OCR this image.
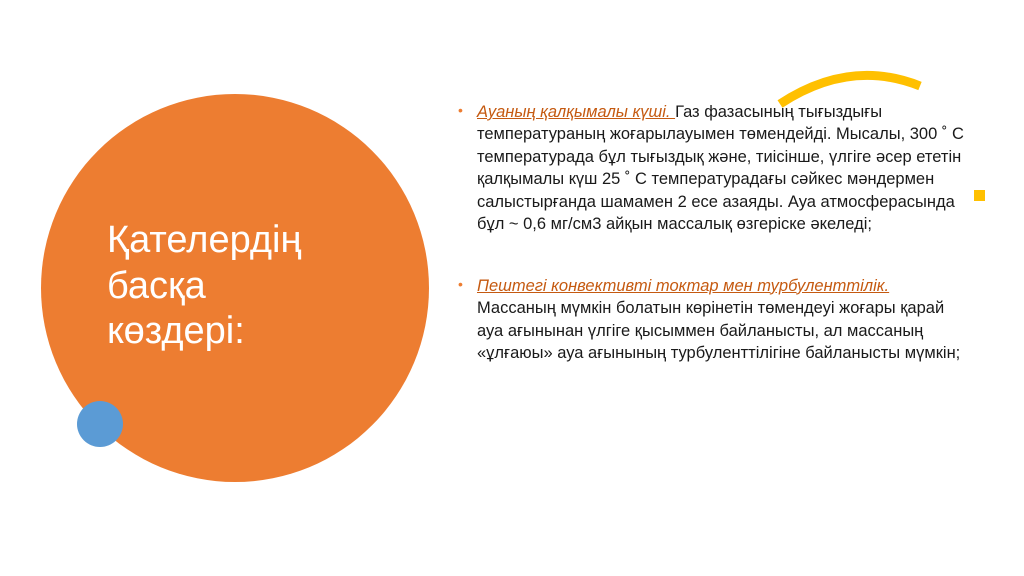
Қателердің
басқа
көздері:
• Ауаның қалқымалы күші. Газ фазасының тығыздығы температураның жоғарылауымен төмендейді. Мысалы, 300 ˚ С температурада бұл тығыздық және, тиісінше, үлгіге әсер ететін қалқымалы күш 25 ˚ С температурадағы сәйкес мәндермен салыстырғанда шамамен 2 есе азаяды. Ауа атмосферасында бұл ~ 0,6 мг/см3 айқын массалық өзгеріске әкеледі;
• Пештегі конвективті токтар мен турбуленттілік. Массаның мүмкін болатын көрінетін төмендеуі жоғары қарай ауа ағынынан үлгіге қысыммен байланысты, ал массаның «ұлғаюы» ауа ағынының турбуленттілігіне байланысты мүмкін;
